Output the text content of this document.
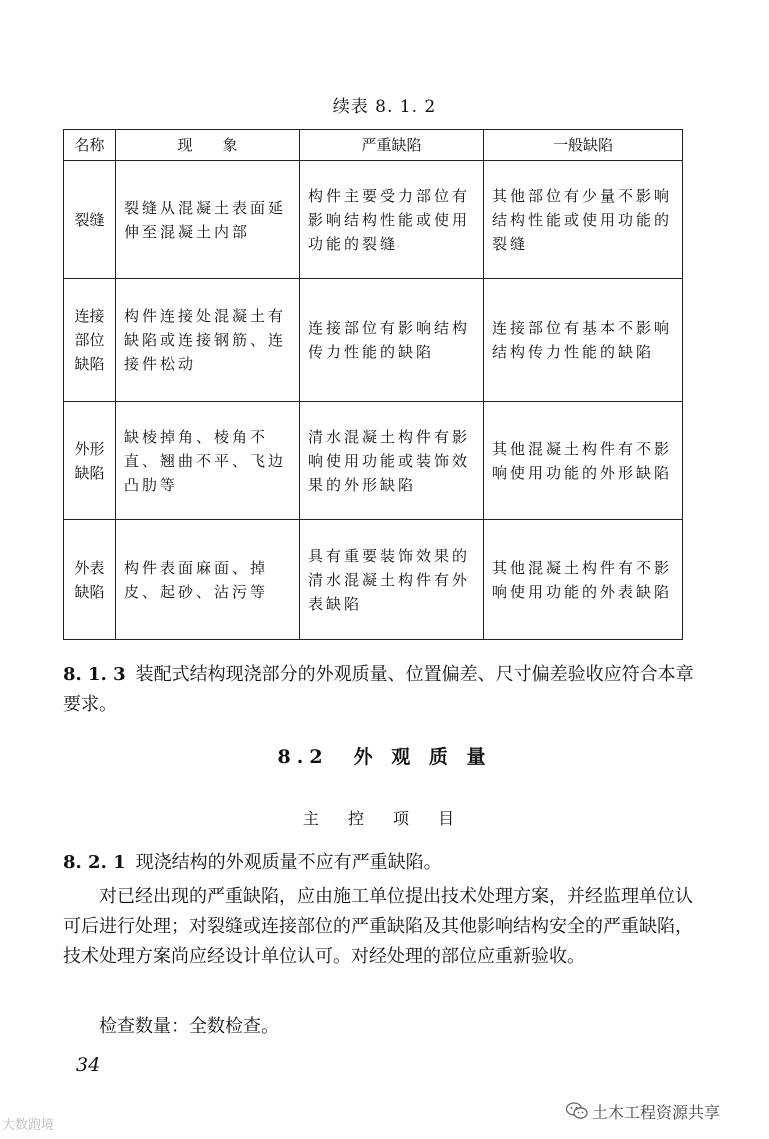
续表 8. 1. 2
名称	现　　象	严重缺陷	一般缺陷

裂缝	裂缝从混凝土表面延伸至混凝土内部	构件主要受力部位有影响结构性能或使用功能的裂缝	其他部位有少量不影响结构性能或使用功能的裂缝

连接
部位
缺陷	构件连接处混凝土有缺陷或连接钢筋、连接件松动	连接部位有影响结构传力性能的缺陷	连接部位有基本不影响结构传力性能的缺陷

外形
缺陷	缺棱掉角、棱角不直、翘曲不平、飞边凸肋等	清水混凝土构件有影响使用功能或装饰效果的外形缺陷	其他混凝土构件有不影响使用功能的外形缺陷

外表
缺陷	构件表面麻面、掉皮、起砂、沾污等	具有重要装饰效果的清水混凝土构件有外表缺陷	其他混凝土构件有不影响使用功能的外表缺陷
8. 1. 3 装配式结构现浇部分的外观质量、位置偏差、尺寸偏差验收应符合本章要求。
8.2　外 观 质 量
主 控 项 目
8. 2. 1 现浇结构的外观质量不应有严重缺陷。
对已经出现的严重缺陷，应由施工单位提出技术处理方案，并经监理单位认可后进行处理；对裂缝或连接部位的严重缺陷及其他影响结构安全的严重缺陷，技术处理方案尚应经设计单位认可。对经处理的部位应重新验收。
检查数量：全数检查。
34
大数跑境
土木工程资源共享
